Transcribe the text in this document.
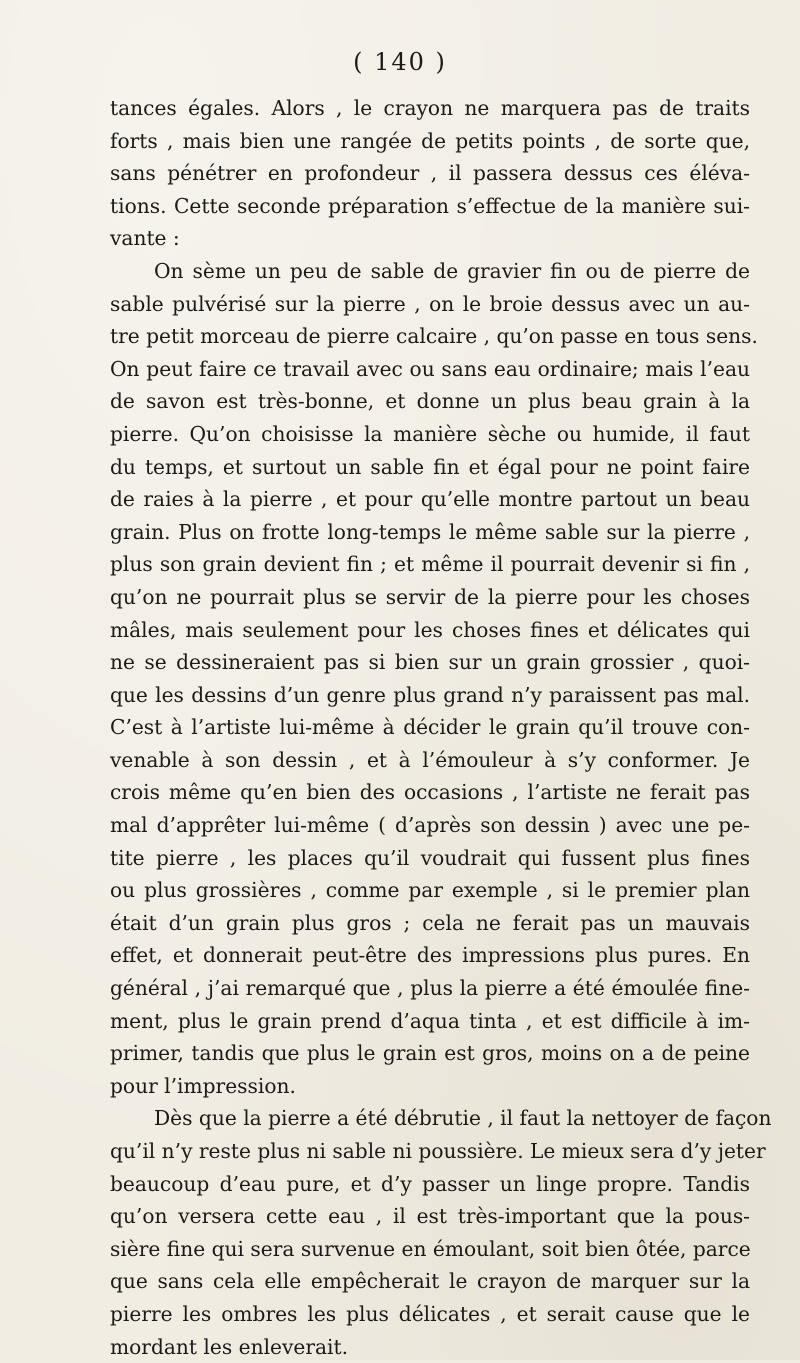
( 140 )
tances égales. Alors , le crayon ne marquera pas de traits
forts , mais bien une rangée de petits points , de sorte que,
sans pénétrer en profondeur , il passera dessus ces éléva-
tions. Cette seconde préparation s’effectue de la manière sui-
vante :
On sème un peu de sable de gravier fin ou de pierre de
sable pulvérisé sur la pierre , on le broie dessus avec un au-
tre petit morceau de pierre calcaire , qu’on passe en tous sens.
On peut faire ce travail avec ou sans eau ordinaire; mais l’eau
de savon est très-bonne, et donne un plus beau grain à la
pierre. Qu’on choisisse la manière sèche ou humide, il faut
du temps, et surtout un sable fin et égal pour ne point faire
de raies à la pierre , et pour qu’elle montre partout un beau
grain. Plus on frotte long-temps le même sable sur la pierre ,
plus son grain devient fin ; et même il pourrait devenir si fin ,
qu’on ne pourrait plus se servir de la pierre pour les choses
mâles, mais seulement pour les choses fines et délicates qui
ne se dessineraient pas si bien sur un grain grossier , quoi-
que les dessins d’un genre plus grand n’y paraissent pas mal.
C’est à l’artiste lui-même à décider le grain qu’il trouve con-
venable à son dessin , et à l’émouleur à s’y conformer. Je
crois même qu’en bien des occasions , l’artiste ne ferait pas
mal d’apprêter lui-même ( d’après son dessin ) avec une pe-
tite pierre , les places qu’il voudrait qui fussent plus fines
ou plus grossières , comme par exemple , si le premier plan
était d’un grain plus gros ; cela ne ferait pas un mauvais
effet, et donnerait peut-être des impressions plus pures. En
général , j’ai remarqué que , plus la pierre a été émoulée fine-
ment, plus le grain prend d’aqua tinta , et est difficile à im-
primer, tandis que plus le grain est gros, moins on a de peine
pour l’impression.
Dès que la pierre a été débrutie , il faut la nettoyer de façon
qu’il n’y reste plus ni sable ni poussière. Le mieux sera d’y jeter
beaucoup d’eau pure, et d’y passer un linge propre. Tandis
qu’on versera cette eau , il est très-important que la pous-
sière fine qui sera survenue en émoulant, soit bien ôtée, parce
que sans cela elle empêcherait le crayon de marquer sur la
pierre les ombres les plus délicates , et serait cause que le
mordant les enleverait.
